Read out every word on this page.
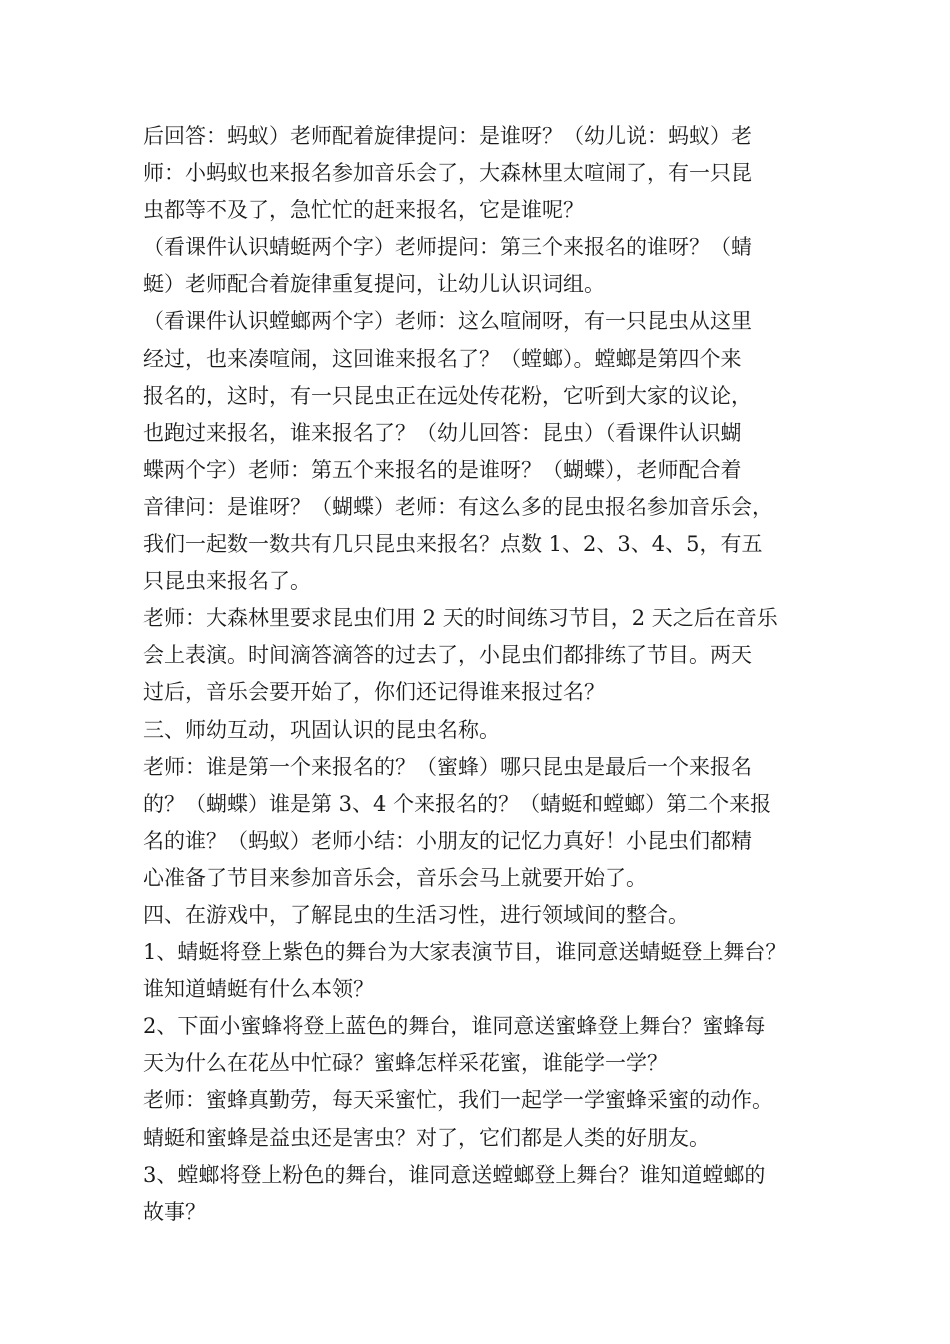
后回答：蚂蚁）老师配着旋律提问：是谁呀？（幼儿说：蚂蚁）老
师：小蚂蚁也来报名参加音乐会了，大森林里太喧闹了，有一只昆
虫都等不及了，急忙忙的赶来报名，它是谁呢？
（看课件认识蜻蜓两个字）老师提问：第三个来报名的谁呀？（蜻
蜓）老师配合着旋律重复提问，让幼儿认识词组。
（看课件认识螳螂两个字）老师：这么喧闹呀，有一只昆虫从这里
经过，也来凑喧闹，这回谁来报名了？（螳螂）。螳螂是第四个来
报名的，这时，有一只昆虫正在远处传花粉，它听到大家的议论，
也跑过来报名，谁来报名了？（幼儿回答：昆虫）（看课件认识蝴
蝶两个字）老师：第五个来报名的是谁呀？（蝴蝶），老师配合着
音律问：是谁呀？（蝴蝶）老师：有这么多的昆虫报名参加音乐会，
我们一起数一数共有几只昆虫来报名？点数 1、2、3、4、5，有五
只昆虫来报名了。
老师：大森林里要求昆虫们用 2 天的时间练习节目，2 天之后在音乐
会上表演。时间滴答滴答的过去了，小昆虫们都排练了节目。两天
过后，音乐会要开始了，你们还记得谁来报过名？
三、师幼互动，巩固认识的昆虫名称。
老师：谁是第一个来报名的？（蜜蜂）哪只昆虫是最后一个来报名
的？（蝴蝶）谁是第 3、4 个来报名的？（蜻蜓和螳螂）第二个来报
名的谁？（蚂蚁）老师小结：小朋友的记忆力真好！小昆虫们都精
心准备了节目来参加音乐会，音乐会马上就要开始了。
四、在游戏中，了解昆虫的生活习性，进行领域间的整合。
1、蜻蜓将登上紫色的舞台为大家表演节目，谁同意送蜻蜓登上舞台？
谁知道蜻蜓有什么本领？
2、下面小蜜蜂将登上蓝色的舞台，谁同意送蜜蜂登上舞台？蜜蜂每
天为什么在花丛中忙碌？蜜蜂怎样采花蜜，谁能学一学？
老师：蜜蜂真勤劳，每天采蜜忙，我们一起学一学蜜蜂采蜜的动作。
蜻蜓和蜜蜂是益虫还是害虫？对了，它们都是人类的好朋友。
3、螳螂将登上粉色的舞台，谁同意送螳螂登上舞台？谁知道螳螂的
故事？
